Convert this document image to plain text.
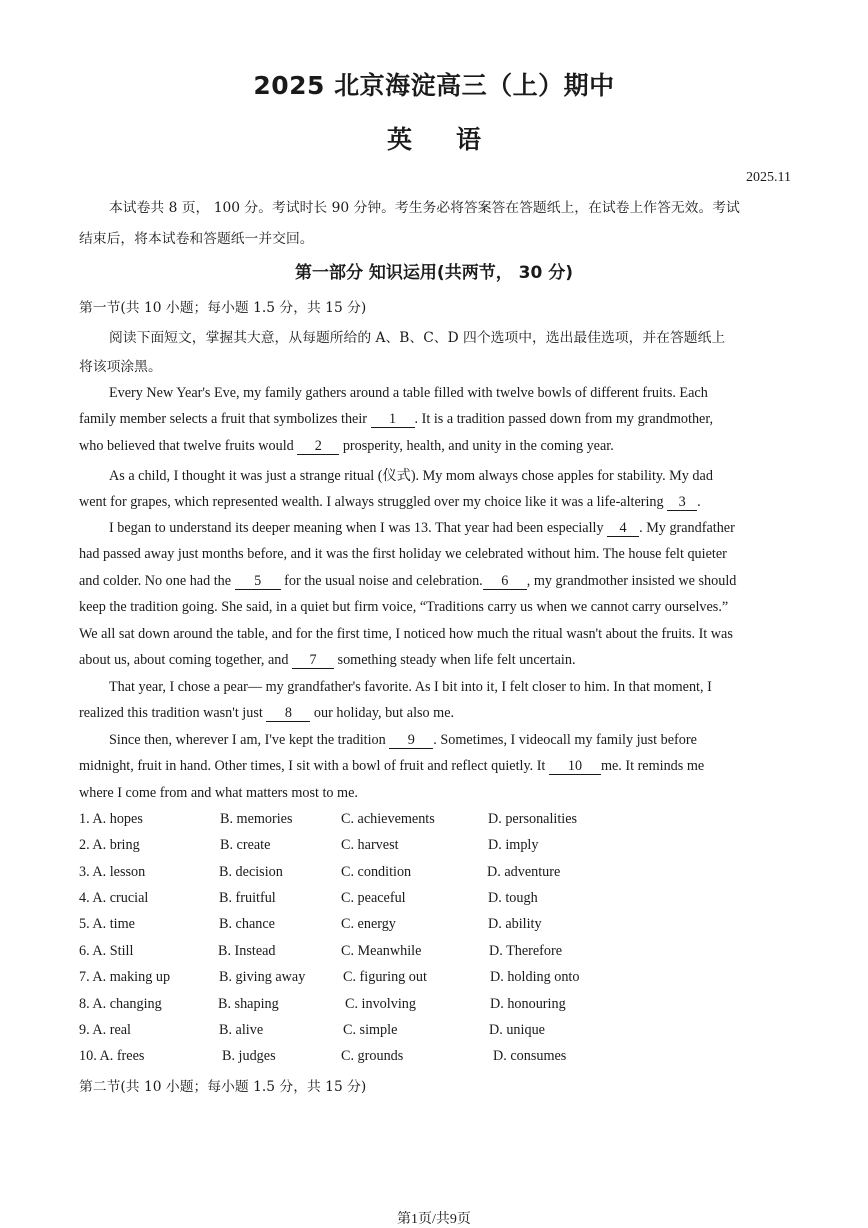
2025 北京海淀高三（上）期中
英语
2025.11
本试卷共 8 页， 100 分。考试时长 90 分钟。考生务必将答案答在答题纸上，在试卷上作答无效。考试
结束后，将本试卷和答题纸一并交回。
第一部分 知识运用(共两节， 30 分)
第一节(共 10 小题；每小题 1.5 分，共 15 分)
阅读下面短文，掌握其大意，从每题所给的 A、B、C、D 四个选项中，选出最佳选项，并在答题纸上
将该项涂黑。
Every New Year's Eve, my family gathers around a table filled with twelve bowls of different fruits. Each
family member selects a fruit that symbolizes their 1 . It is a tradition passed down from my grandmother,
who believed that twelve fruits would 2 prosperity, health, and unity in the coming year.
As a child, I thought it was just a strange ritual (仪式). My mom always chose apples for stability. My dad
went for grapes, which represented wealth. I always struggled over my choice like it was a life-altering 3 .
I began to understand its deeper meaning when I was 13. That year had been especially 4 . My grandfather
had passed away just months before, and it was the first holiday we celebrated without him. The house felt quieter
and colder. No one had the 5 for the usual noise and celebration. 6 , my grandmother insisted we should
keep the tradition going. She said, in a quiet but firm voice, “Traditions carry us when we cannot carry ourselves.”
We all sat down around the table, and for the first time, I noticed how much the ritual wasn't about the fruits. It was
about us, about coming together, and 7 something steady when life felt uncertain.
That year, I chose a pear— my grandfather's favorite. As I bit into it, I felt closer to him. In that moment, I
realized this tradition wasn't just 8 our holiday, but also me.
Since then, wherever I am, I've kept the tradition 9 . Sometimes, I videocall my family just before
midnight, fruit in hand. Other times, I sit with a bowl of fruit and reflect quietly. It 10 me. It reminds me
where I come from and what matters most to me.
1. A. hopes	B. memories	C. achievements	D. personalities
2. A. bring	B. create	C. harvest	D. imply
3. A. lesson	B. decision	C. condition	D. adventure
4. A. crucial	B. fruitful	C. peaceful	D. tough
5. A. time	B. chance	C. energy	D. ability
6. A. Still	B. Instead	C. Meanwhile	D. Therefore
7. A. making up	B. giving away	C. figuring out	D. holding onto
8. A. changing	B. shaping	C. involving	D. honouring
9. A. real	B. alive	C. simple	D. unique
10. A. frees	B. judges	C. grounds	D. consumes
第二节(共 10 小题；每小题 1.5 分，共 15 分)
第1页/共9页
